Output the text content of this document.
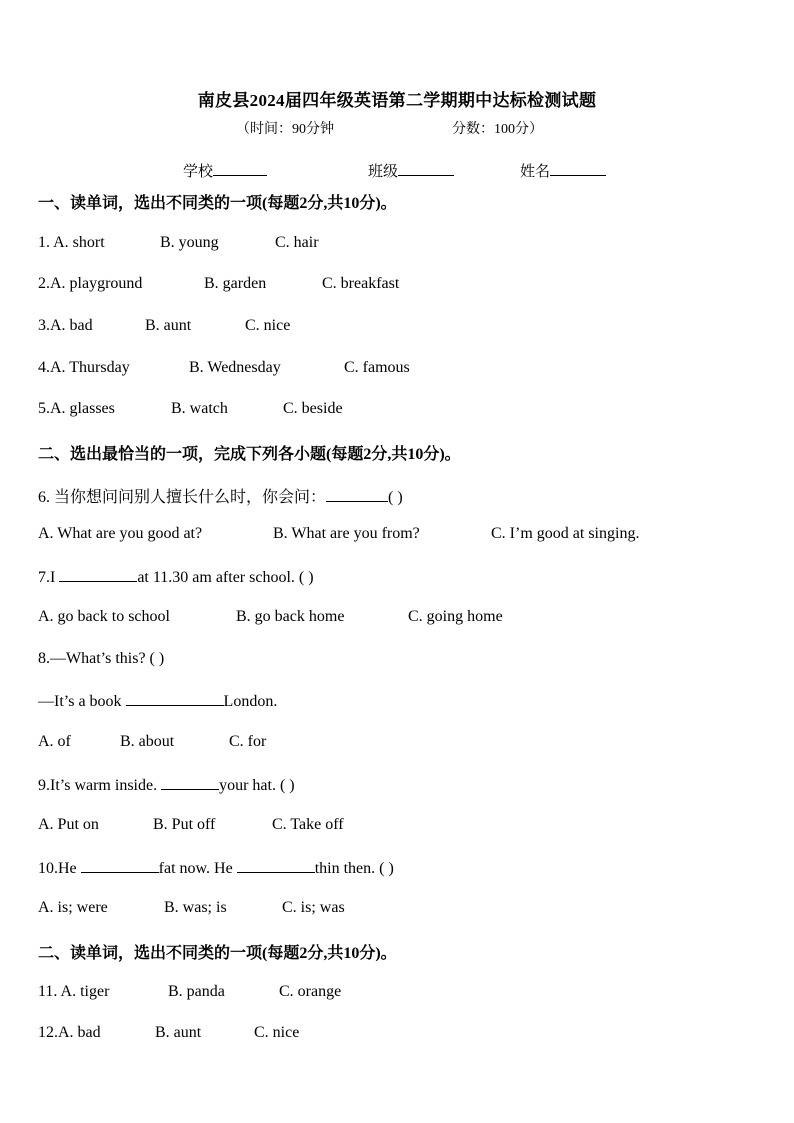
南皮县2024届四年级英语第二学期期中达标检测试题
（时间：90分钟	分数：100分）
学校	班级	姓名
一、读单词，选出不同类的一项(每题2分,共10分)。
1. A. short	B. young	C. hair
2.A. playground	B. garden	C. breakfast
3.A. bad	B. aunt	C. nice
4.A. Thursday	B. Wednesday	C. famous
5.A. glasses	B. watch	C. beside
二、选出最恰当的一项，完成下列各小题(每题2分,共10分)。
6. 当你想问问别人擅长什么时，你会问：	( )
A. What are you good at?	B. What are you from?	C. I’m good at singing.
7.I	at 11.30 am after school. ( )
A. go back to school	B. go back home	C. going home
8.—What’s this? ( )
—It’s a book	London.
A. of	B. about	C. for
9.It’s warm inside.	your hat. ( )
A. Put on	B. Put off	C. Take off
10.He	fat now. He	thin then. ( )
A. is; were	B. was; is	C. is; was
二、读单词，选出不同类的一项(每题2分,共10分)。
11. A. tiger	B. panda	C. orange
12.A. bad	B. aunt	C. nice
